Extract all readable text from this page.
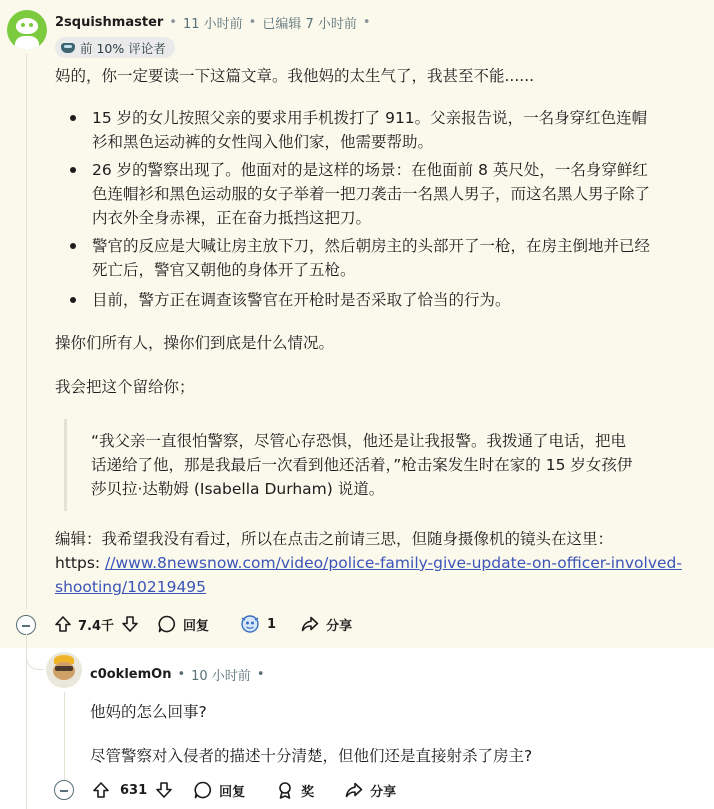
2squishmaster • 11 小时前 • 已编辑 7 小时前 •
前 10% 评论者
妈的，你一定要读一下这篇文章。我他妈的太生气了，我甚至不能......
15 岁的女儿按照父亲的要求用手机拨打了 911。父亲报告说，一名身穿红色连帽
衫和黑色运动裤的女性闯入他们家，他需要帮助。
26 岁的警察出现了。他面对的是这样的场景：在他面前 8 英尺处，一名身穿鲜红
色连帽衫和黑色运动服的女子举着一把刀袭击一名黑人男子，而这名黑人男子除了
内衣外全身赤裸，正在奋力抵挡这把刀。
警官的反应是大喊让房主放下刀，然后朝房主的头部开了一枪，在房主倒地并已经
死亡后，警官又朝他的身体开了五枪。
目前，警方正在调查该警官在开枪时是否采取了恰当的行为。
操你们所有人，操你们到底是什么情况。
我会把这个留给你；
“我父亲一直很怕警察，尽管心存恐惧，他还是让我报警。我拨通了电话，把电
话递给了他，那是我最后一次看到他还活着，”枪击案发生时在家的 15 岁女孩伊
莎贝拉·达勒姆 (Isabella Durham) 说道。
编辑：我希望我没有看过，所以在点击之前请三思，但随身摄像机的镜头在这里：
https: //www.8newsnow.com/video/police-family-give-update-on-officer-involved-
shooting/10219495
7.4千	回复	1	分享
c0oklemOn • 10 小时前 •
他妈的怎么回事?
尽管警察对入侵者的描述十分清楚，但他们还是直接射杀了房主?
631	回复	奖	分享
